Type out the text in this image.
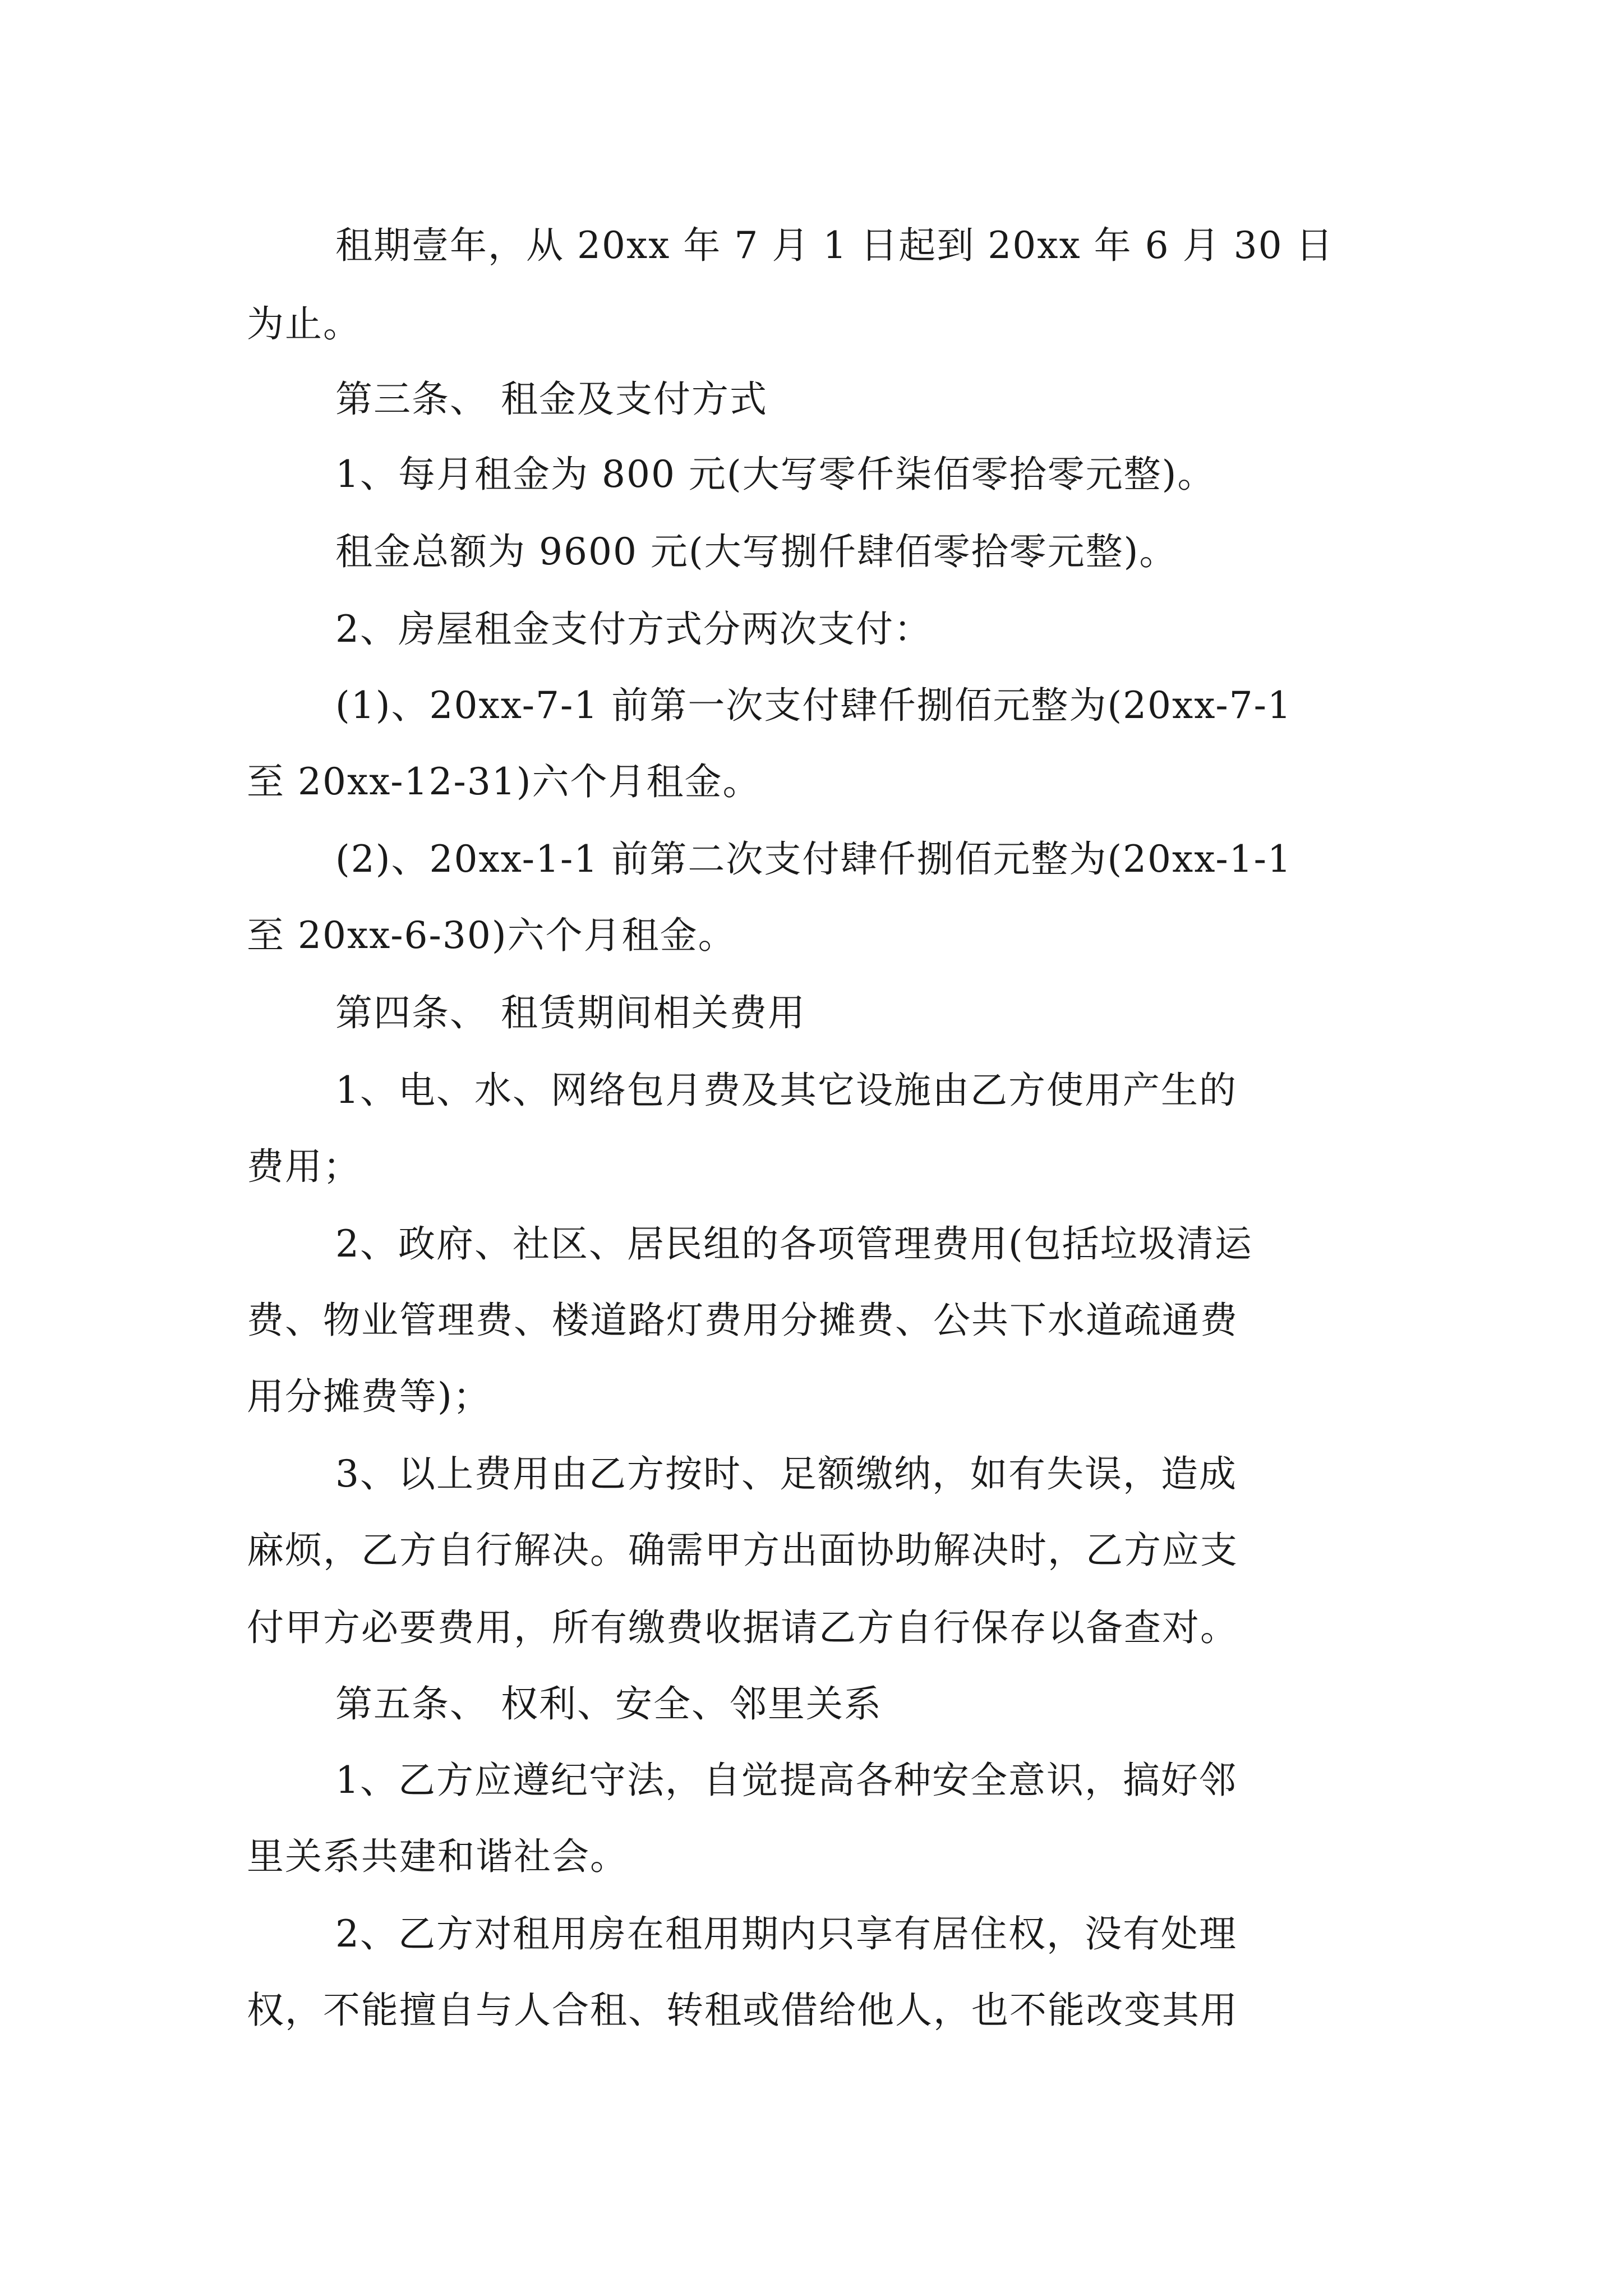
租期壹年，从 20xx 年 7 月 1 日起到 20xx 年 6 月 30 日
为止。
第三条、 租金及支付方式
1、每月租金为 800 元(大写零仟柒佰零拾零元整)。
租金总额为 9600 元(大写捌仟肆佰零拾零元整)。
2、房屋租金支付方式分两次支付：
(1)、20xx-7-1 前第一次支付肆仟捌佰元整为(20xx-7-1
至 20xx-12-31)六个月租金。
(2)、20xx-1-1 前第二次支付肆仟捌佰元整为(20xx-1-1
至 20xx-6-30)六个月租金。
第四条、 租赁期间相关费用
1、电、水、网络包月费及其它设施由乙方使用产生的
费用；
2、政府、社区、居民组的各项管理费用(包括垃圾清运
费、物业管理费、楼道路灯费用分摊费、公共下水道疏通费
用分摊费等)；
3、以上费用由乙方按时、足额缴纳，如有失误，造成
麻烦，乙方自行解决。确需甲方出面协助解决时，乙方应支
付甲方必要费用，所有缴费收据请乙方自行保存以备查对。
第五条、 权利、安全、邻里关系
1、乙方应遵纪守法，自觉提高各种安全意识，搞好邻
里关系共建和谐社会。
2、乙方对租用房在租用期内只享有居住权，没有处理
权，不能擅自与人合租、转租或借给他人，也不能改变其用
